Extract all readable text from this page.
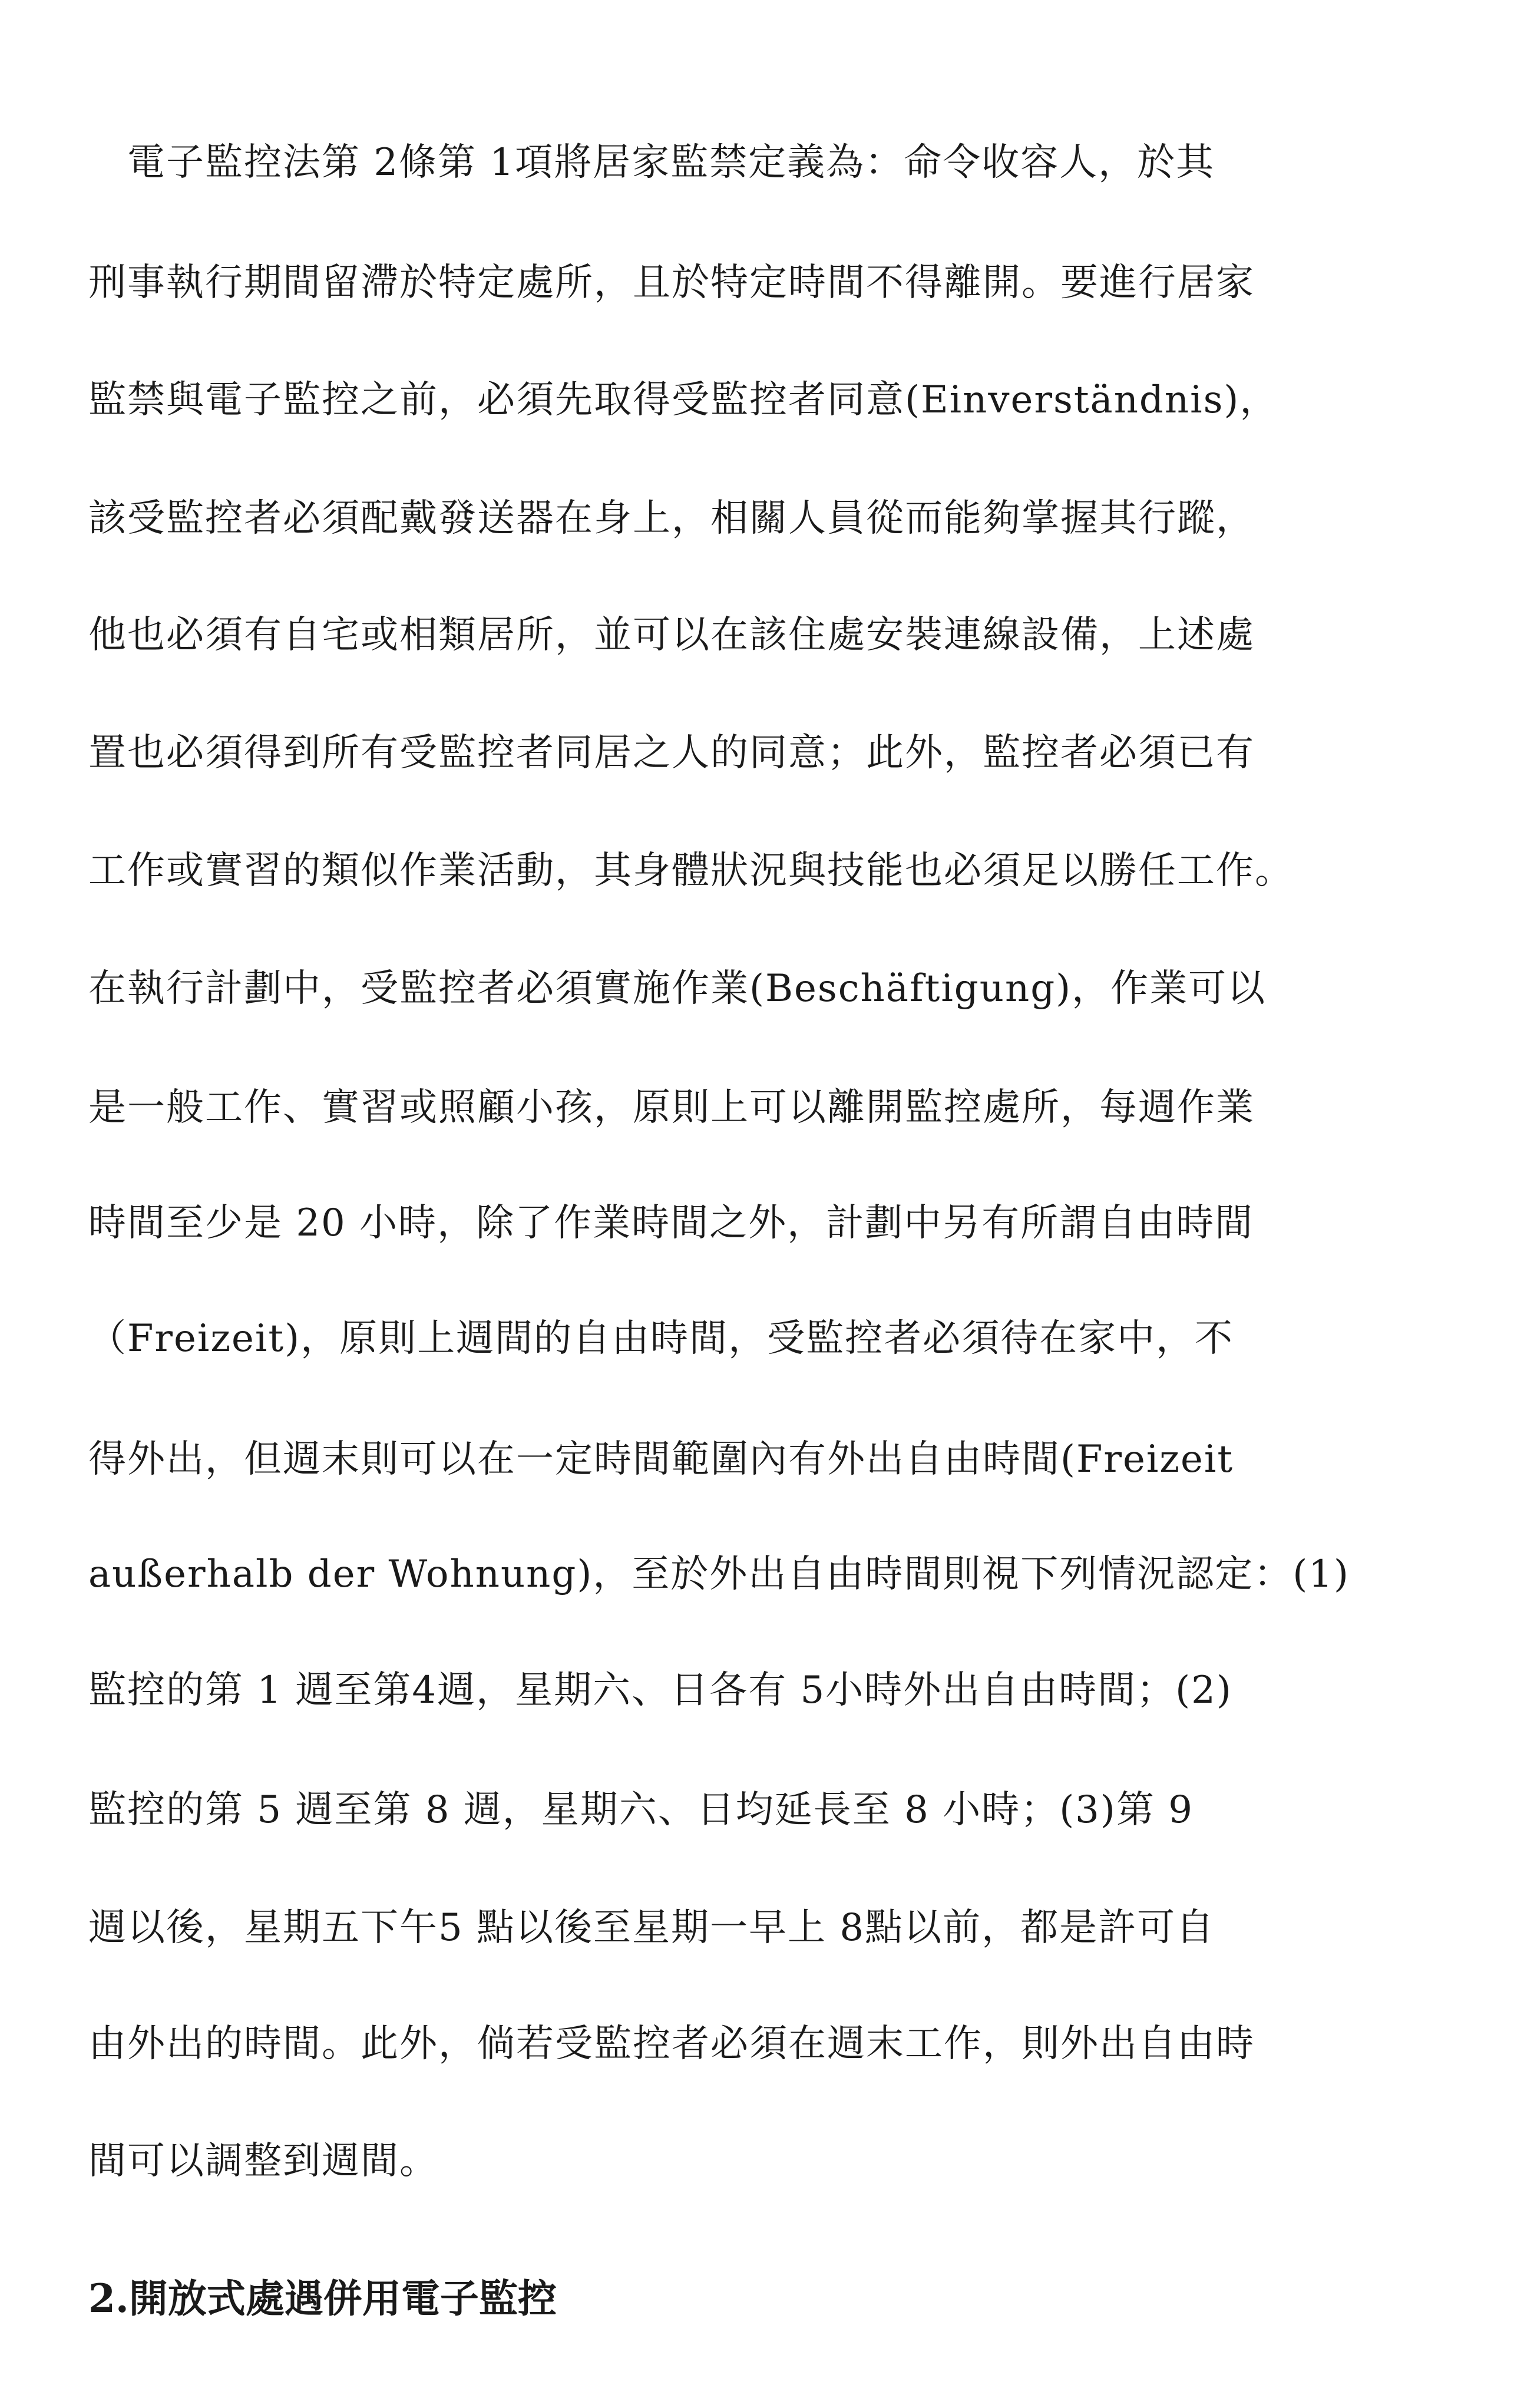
　電子監控法第 2條第 1項將居家監禁定義為：命令收容人，於其
刑事執行期間留滯於特定處所，且於特定時間不得離開。要進行居家
監禁與電子監控之前，必須先取得受監控者同意(Einverständnis)，
該受監控者必須配戴發送器在身上，相關人員從而能夠掌握其行蹤，
他也必須有自宅或相類居所，並可以在該住處安裝連線設備，上述處
置也必須得到所有受監控者同居之人的同意；此外，監控者必須已有
工作或實習的類似作業活動，其身體狀況與技能也必須足以勝任工作。
在執行計劃中，受監控者必須實施作業(Beschäftigung)，作業可以
是一般工作、實習或照顧小孩，原則上可以離開監控處所，每週作業
時間至少是 20 小時，除了作業時間之外，計劃中另有所謂自由時間
（Freizeit)，原則上週間的自由時間，受監控者必須待在家中，不
得外出，但週末則可以在一定時間範圍內有外出自由時間(Freizeit
außerhalb der Wohnung)，至於外出自由時間則視下列情況認定：(1)
監控的第 1 週至第4週，星期六、日各有 5小時外出自由時間；(2)
監控的第 5 週至第 8 週，星期六、日均延長至 8 小時；(3)第 9
週以後，星期五下午5 點以後至星期一早上 8點以前，都是許可自
由外出的時間。此外，倘若受監控者必須在週末工作，則外出自由時
間可以調整到週間。
2.開放式處遇併用電子監控
